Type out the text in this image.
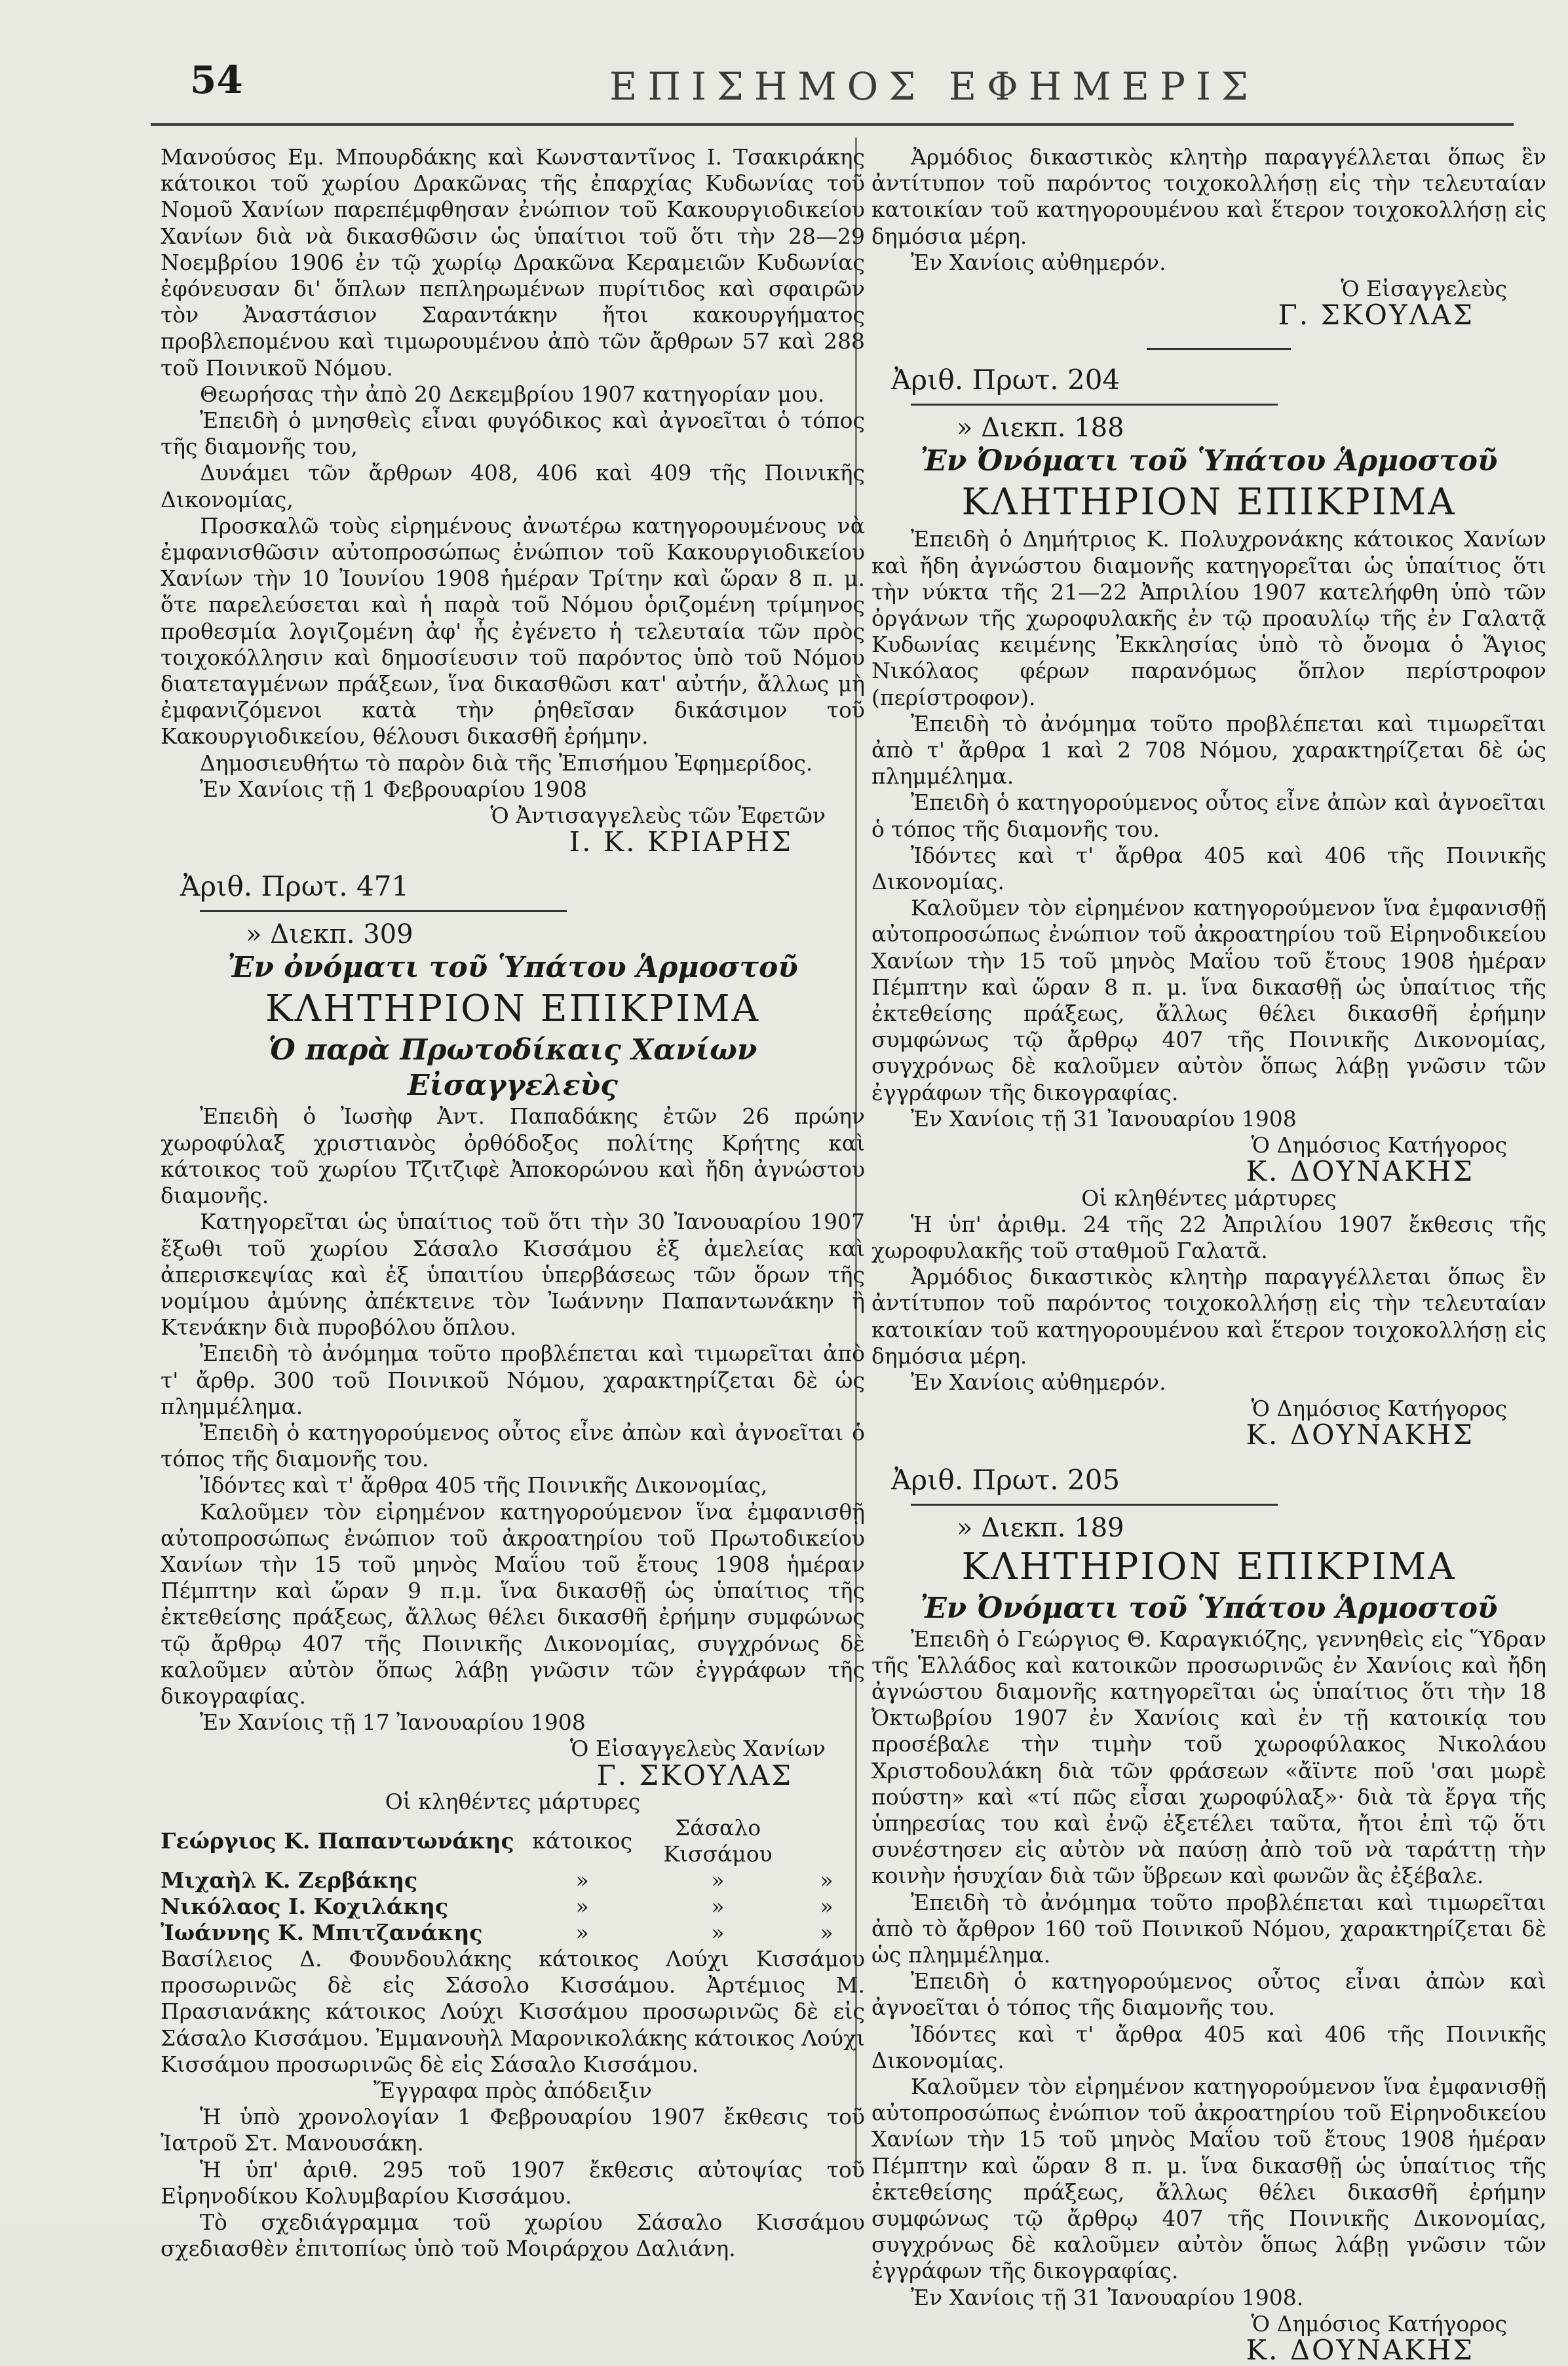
54	ΕΠΙΣΗΜΟΣ ΕΦΗΜΕΡΙΣ

Μανούσος Εμ. Μπουρδάκης καὶ Κωνσταντῖνος Ι. Τσακιράκης κάτοικοι τοῦ χωρίου Δρακῶνας τῆς ἐπαρχίας Κυδωνίας τοῦ Νομοῦ Χανίων παρεπέμφθησαν ἐνώπιον τοῦ Κακουργιοδικείου Χανίων διὰ νὰ δικασθῶσιν ὡς ὑπαίτιοι τοῦ ὅτι τὴν 28—29 Νοεμβρίου 1906 ἐν τῷ χωρίῳ Δρακῶνα Κεραμειῶν Κυδωνίας ἐφόνευσαν δι' ὅπλων πεπληρωμένων πυρίτιδος καὶ σφαιρῶν τὸν Ἀναστάσιον Σαραντάκην ἤτοι κακουργήματος προβλεπομένου καὶ τιμωρουμένου ἀπὸ τῶν ἄρθρων 57 καὶ 288 τοῦ Ποινικοῦ Νόμου.

Θεωρήσας τὴν ἀπὸ 20 Δεκεμβρίου 1907 κατηγορίαν μου.

Ἐπειδὴ ὁ μνησθεὶς εἶναι φυγόδικος καὶ ἀγνοεῖται ὁ τόπος τῆς διαμονῆς του,

Δυνάμει τῶν ἄρθρων 408, 406 καὶ 409 τῆς Ποινικῆς Δικονομίας,

Προσκαλῶ τοὺς εἰρημένους ἀνωτέρω κατηγορουμένους νὰ ἐμφανισθῶσιν αὐτοπροσώπως ἐνώπιον τοῦ Κακουργιοδικείου Χανίων τὴν 10 Ἰουνίου 1908 ἡμέραν Τρίτην καὶ ὥραν 8 π. μ. ὅτε παρελεύσεται καὶ ἡ παρὰ τοῦ Νόμου ὁριζομένη τρίμηνος προθεσμία λογιζομένη ἀφ' ἧς ἐγένετο ἡ τελευταία τῶν πρὸς τοιχοκόλλησιν καὶ δημοσίευσιν τοῦ παρόντος ὑπὸ τοῦ Νόμου διατεταγμένων πράξεων, ἵνα δικασθῶσι κατ' αὐτήν, ἄλλως μὴ ἐμφανιζόμενοι κατὰ τὴν ῥηθεῖσαν δικάσιμον τοῦ Κακουργιοδικείου, θέλουσι δικασθῆ ἐρήμην.

Δημοσιευθήτω τὸ παρὸν διὰ τῆς Ἐπισήμου Ἐφημερίδος.

Ἐν Χανίοις τῇ 1 Φεβρουαρίου 1908

Ὁ Ἀντισαγγελεὺς τῶν Ἐφετῶν

Ι. Κ. ΚΡΙΑΡΗΣ

Ἀριθ. Πρωτ. 471
» Διεκπ. 309
Ἐν ὀνόματι τοῦ Ὑπάτου Ἁρμοστοῦ
ΚΛΗΤΗΡΙΟΝ ΕΠΙΚΡΙΜΑ
Ὁ παρὰ Πρωτοδίκαις Χανίων Εἰσαγγελεὺς

Ἐπειδὴ ὁ Ἰωσὴφ Ἀντ. Παπαδάκης ἐτῶν 26 πρώην χωροφύλαξ χριστιανὸς ὀρθόδοξος πολίτης Κρήτης καὶ κάτοικος τοῦ χωρίου Τζιτζιφὲ Ἀποκορώνου καὶ ἤδη ἀγνώστου διαμονῆς.

Κατηγορεῖται ὡς ὑπαίτιος τοῦ ὅτι τὴν 30 Ἰανουαρίου 1907 ἔξωθι τοῦ χωρίου Σάσαλο Κισσάμου ἐξ ἀμελείας καὶ ἀπερισκεψίας καὶ ἐξ ὑπαιτίου ὑπερβάσεως τῶν ὅρων τῆς νομίμου ἀμύνης ἀπέκτεινε τὸν Ἰωάννην Παπαντωνάκην ἢ Κτενάκην διὰ πυροβόλου ὅπλου.

Ἐπειδὴ τὸ ἀνόμημα τοῦτο προβλέπεται καὶ τιμωρεῖται ἀπὸ τ' ἄρθρ. 300 τοῦ Ποινικοῦ Νόμου, χαρακτηρίζεται δὲ ὡς πλημμέλημα.

Ἐπειδὴ ὁ κατηγορούμενος οὗτος εἶνε ἀπὼν καὶ ἀγνοεῖται ὁ τόπος τῆς διαμονῆς του.

Ἰδόντες καὶ τ' ἄρθρα 405 τῆς Ποινικῆς Δικονομίας,

Καλοῦμεν τὸν εἰρημένον κατηγορούμενον ἵνα ἐμφανισθῇ αὐτοπροσώπως ἐνώπιον τοῦ ἀκροατηρίου τοῦ Πρωτοδικείου Χανίων τὴν 15 τοῦ μηνὸς Μαΐου τοῦ ἔτους 1908 ἡμέραν Πέμπτην καὶ ὥραν 9 π.μ. ἵνα δικασθῇ ὡς ὑπαίτιος τῆς ἐκτεθείσης πράξεως, ἄλλως θέλει δικασθῆ ἐρήμην συμφώνως τῷ ἄρθρῳ 407 τῆς Ποινικῆς Δικονομίας, συγχρόνως δὲ καλοῦμεν αὐτὸν ὅπως λάβῃ γνῶσιν τῶν ἐγγράφων τῆς δικογραφίας.

Ἐν Χανίοις τῇ 17 Ἰανουαρίου 1908

Ὁ Εἰσαγγελεὺς Χανίων

Γ. ΣΚΟΥΛΑΣ

Οἱ κληθέντες μάρτυρες

Γεώργιος Κ. Παπαντωνάκης	κάτοικος	Σάσαλο Κισσάμου	
Μιχαὴλ Κ. Ζερβάκης	»	»	»
Νικόλαος Ι. Κοχιλάκης	»	»	»
Ἰωάννης Κ. Μπιτζανάκης	»	»	»

Βασίλειος Δ. Φουνδουλάκης κάτοικος Λούχι Κισσάμου προσωρινῶς δὲ εἰς Σάσολο Κισσάμου. Ἀρτέμιος Μ. Πρασιανάκης κάτοικος Λούχι Κισσάμου προσωρινῶς δὲ εἰς Σάσαλο Κισσάμου. Ἐμμανουὴλ Μαρονικολάκης κάτοικος Λούχι Κισσάμου προσωρινῶς δὲ εἰς Σάσαλο Κισσάμου.

Ἔγγραφα πρὸς ἀπόδειξιν

Ἡ ὑπὸ χρονολογίαν 1 Φεβρουαρίου 1907 ἔκθεσις τοῦ Ἰατροῦ Στ. Μανουσάκη.

Ἡ ὑπ' ἀριθ. 295 τοῦ 1907 ἔκθεσις αὐτοψίας τοῦ Εἰρηνοδίκου Κολυμβαρίου Κισσάμου.

Τὸ σχεδιάγραμμα τοῦ χωρίου Σάσαλο Κισσάμου σχεδιασθὲν ἐπιτοπίως ὑπὸ τοῦ Μοιράρχου Δαλιάνη.

Ἀρμόδιος δικαστικὸς κλητὴρ παραγγέλλεται ὅπως ἓν ἀντίτυπον τοῦ παρόντος τοιχοκολλήσῃ εἰς τὴν τελευταίαν κατοικίαν τοῦ κατηγορουμένου καὶ ἕτερον τοιχοκολλήσῃ εἰς δημόσια μέρη.

Ἐν Χανίοις αὐθημερόν.

Ὁ Εἰσαγγελεὺς

Γ. ΣΚΟΥΛΑΣ

Ἀριθ. Πρωτ. 204
» Διεκπ. 188
Ἐν Ὀνόματι τοῦ Ὑπάτου Ἁρμοστοῦ
ΚΛΗΤΗΡΙΟΝ ΕΠΙΚΡΙΜΑ

Ἐπειδὴ ὁ Δημήτριος Κ. Πολυχρονάκης κάτοικος Χανίων καὶ ἤδη ἀγνώστου διαμονῆς κατηγορεῖται ὡς ὑπαίτιος ὅτι τὴν νύκτα τῆς 21—22 Ἀπριλίου 1907 κατελήφθη ὑπὸ τῶν ὀργάνων τῆς χωροφυλακῆς ἐν τῷ προαυλίῳ τῆς ἐν Γαλατᾷ Κυδωνίας κειμένης Ἐκκλησίας ὑπὸ τὸ ὄνομα ὁ Ἅγιος Νικόλαος φέρων παρανόμως ὅπλον περίστροφον (περίστροφον).

Ἐπειδὴ τὸ ἀνόμημα τοῦτο προβλέπεται καὶ τιμωρεῖται ἀπὸ τ' ἄρθρα 1 καὶ 2 708 Νόμου, χαρακτηρίζεται δὲ ὡς πλημμέλημα.

Ἐπειδὴ ὁ κατηγορούμενος οὗτος εἶνε ἀπὼν καὶ ἀγνοεῖται ὁ τόπος τῆς διαμονῆς του.

Ἰδόντες καὶ τ' ἄρθρα 405 καὶ 406 τῆς Ποινικῆς Δικονομίας.

Καλοῦμεν τὸν εἰρημένον κατηγορούμενον ἵνα ἐμφανισθῇ αὐτοπροσώπως ἐνώπιον τοῦ ἀκροατηρίου τοῦ Εἰρηνοδικείου Χανίων τὴν 15 τοῦ μηνὸς Μαΐου τοῦ ἔτους 1908 ἡμέραν Πέμπτην καὶ ὥραν 8 π. μ. ἵνα δικασθῇ ὡς ὑπαίτιος τῆς ἐκτεθείσης πράξεως, ἄλλως θέλει δικασθῆ ἐρήμην συμφώνως τῷ ἄρθρῳ 407 τῆς Ποινικῆς Δικονομίας, συγχρόνως δὲ καλοῦμεν αὐτὸν ὅπως λάβῃ γνῶσιν τῶν ἐγγράφων τῆς δικογραφίας.

Ἐν Χανίοις τῇ 31 Ἰανουαρίου 1908

Ὁ Δημόσιος Κατήγορος

Κ. ΔΟΥΝΑΚΗΣ

Οἱ κληθέντες μάρτυρες

Ἡ ὑπ' ἀριθμ. 24 τῆς 22 Ἀπριλίου 1907 ἔκθεσις τῆς χωροφυλακῆς τοῦ σταθμοῦ Γαλατᾶ.

Ἀρμόδιος δικαστικὸς κλητὴρ παραγγέλλεται ὅπως ἓν ἀντίτυπον τοῦ παρόντος τοιχοκολλήσῃ εἰς τὴν τελευταίαν κατοικίαν τοῦ κατηγορουμένου καὶ ἕτερον τοιχοκολλήσῃ εἰς δημόσια μέρη.

Ἐν Χανίοις αὐθημερόν.

Ὁ Δημόσιος Κατήγορος

Κ. ΔΟΥΝΑΚΗΣ

Ἀριθ. Πρωτ. 205
» Διεκπ. 189
ΚΛΗΤΗΡΙΟΝ ΕΠΙΚΡΙΜΑ
Ἐν Ὀνόματι τοῦ Ὑπάτου Ἁρμοστοῦ

Ἐπειδὴ ὁ Γεώργιος Θ. Καραγκιόζης, γεννηθεὶς εἰς Ὕδραν τῆς Ἑλλάδος καὶ κατοικῶν προσωρινῶς ἐν Χανίοις καὶ ἤδη ἀγνώστου διαμονῆς κατηγορεῖται ὡς ὑπαίτιος ὅτι τὴν 18 Ὀκτωβρίου 1907 ἐν Χανίοις καὶ ἐν τῇ κατοικίᾳ του προσέβαλε τὴν τιμὴν τοῦ χωροφύλακος Νικολάου Χριστοδουλάκη διὰ τῶν φράσεων «ἄϊντε ποῦ 'σαι μωρὲ πούστη» καὶ «τί πῶς εἶσαι χωροφύλαξ»· διὰ τὰ ἔργα τῆς ὑπηρεσίας του καὶ ἐνῷ ἐξετέλει ταῦτα, ἤτοι ἐπὶ τῷ ὅτι συνέστησεν εἰς αὐτὸν νὰ παύσῃ ἀπὸ τοῦ νὰ ταράττῃ τὴν κοινὴν ἡσυχίαν διὰ τῶν ὕβρεων καὶ φωνῶν ἃς ἐξέβαλε.

Ἐπειδὴ τὸ ἀνόμημα τοῦτο προβλέπεται καὶ τιμωρεῖται ἀπὸ τὸ ἄρθρον 160 τοῦ Ποινικοῦ Νόμου, χαρακτηρίζεται δὲ ὡς πλημμέλημα.

Ἐπειδὴ ὁ κατηγορούμενος οὗτος εἶναι ἀπὼν καὶ ἀγνοεῖται ὁ τόπος τῆς διαμονῆς του.

Ἰδόντες καὶ τ' ἄρθρα 405 καὶ 406 τῆς Ποινικῆς Δικονομίας.

Καλοῦμεν τὸν εἰρημένον κατηγορούμενον ἵνα ἐμφανισθῇ αὐτοπροσώπως ἐνώπιον τοῦ ἀκροατηρίου τοῦ Εἰρηνοδικείου Χανίων τὴν 15 τοῦ μηνὸς Μαΐου τοῦ ἔτους 1908 ἡμέραν Πέμπτην καὶ ὥραν 8 π. μ. ἵνα δικασθῇ ὡς ὑπαίτιος τῆς ἐκτεθείσης πράξεως, ἄλλως θέλει δικασθῆ ἐρήμην συμφώνως τῷ ἄρθρῳ 407 τῆς Ποινικῆς Δικονομίας, συγχρόνως δὲ καλοῦμεν αὐτὸν ὅπως λάβῃ γνῶσιν τῶν ἐγγράφων τῆς δικογραφίας.

Ἐν Χανίοις τῇ 31 Ἰανουαρίου 1908.

Ὁ Δημόσιος Κατήγορος

Κ. ΔΟΥΝΑΚΗΣ
